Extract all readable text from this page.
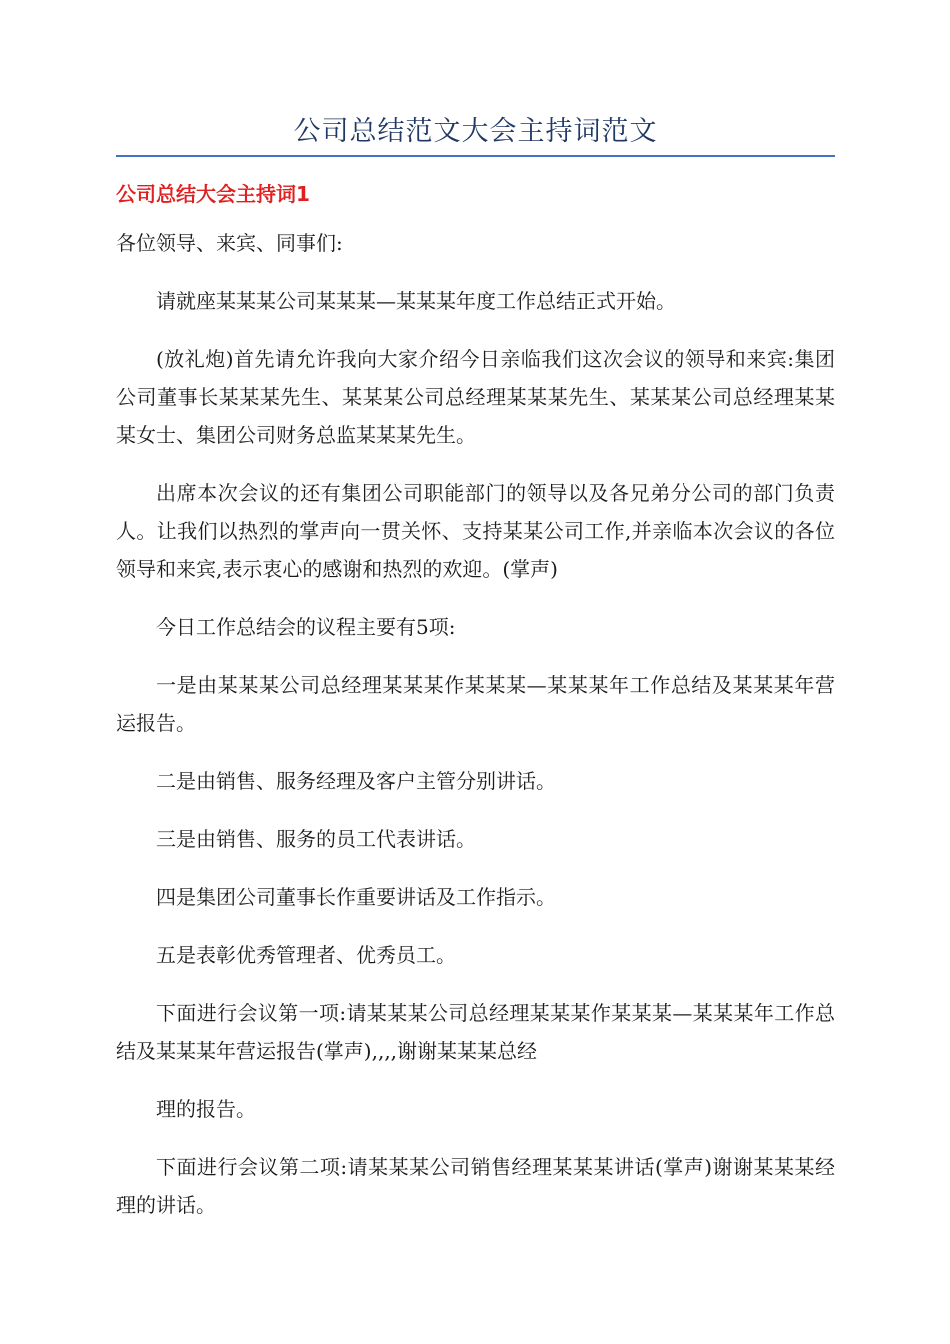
公司总结范文大会主持词范文
公司总结大会主持词1

各位领导、来宾、同事们:

请就座某某某公司某某某—某某某年度工作总结正式开始。

(放礼炮)首先请允许我向大家介绍今日亲临我们这次会议的领导和来宾:集团公司董事长某某某先生、某某某公司总经理某某某先生、某某某公司总经理某某某女士、集团公司财务总监某某某先生。

出席本次会议的还有集团公司职能部门的领导以及各兄弟分公司的部门负责人。让我们以热烈的掌声向一贯关怀、支持某某公司工作,并亲临本次会议的各位领导和来宾,表示衷心的感谢和热烈的欢迎。(掌声)

今日工作总结会的议程主要有5项:

一是由某某某公司总经理某某某作某某某—某某某年工作总结及某某某年营运报告。

二是由销售、服务经理及客户主管分别讲话。

三是由销售、服务的员工代表讲话。

四是集团公司董事长作重要讲话及工作指示。

五是表彰优秀管理者、优秀员工。

下面进行会议第一项:请某某某公司总经理某某某作某某某—某某某年工作总结及某某某年营运报告(掌声),,,,谢谢某某某总经

理的报告。

下面进行会议第二项:请某某某公司销售经理某某某讲话(掌声)谢谢某某某经理的讲话。
